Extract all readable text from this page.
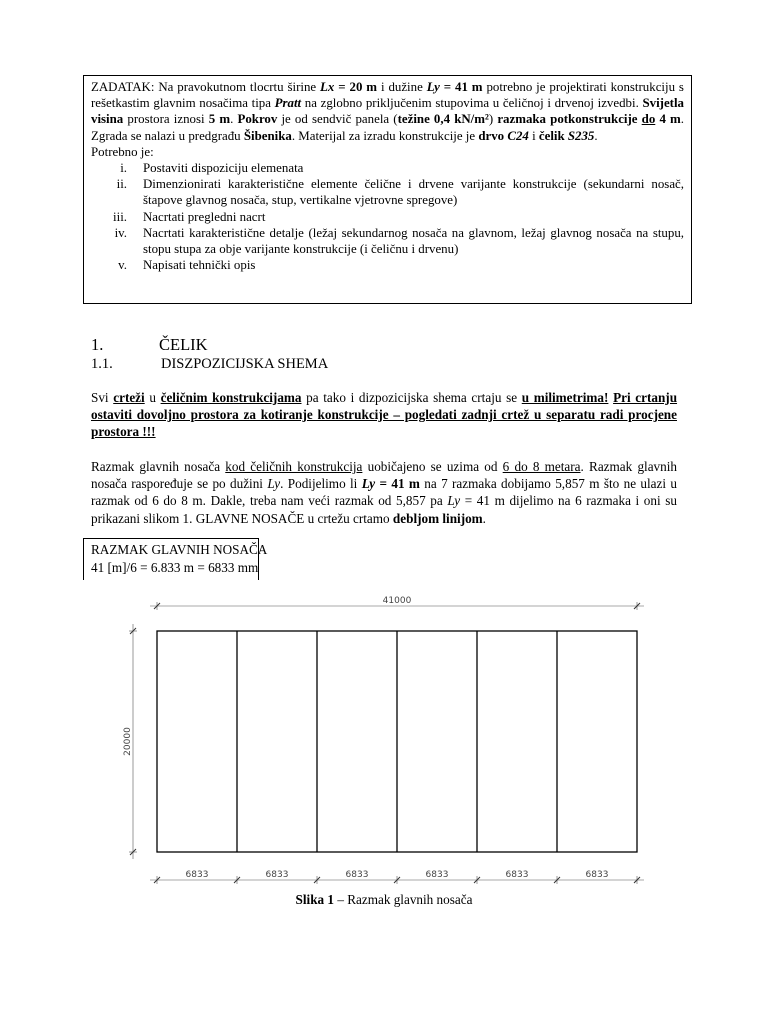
ZADATAK: Na pravokutnom tlocrtu širine Lx = 20 m i dužine Ly = 41 m potrebno je projektirati konstrukciju s rešetkastim glavnim nosačima tipa Pratt na zglobno priključenim stupovima u čeličnoj i drvenoj izvedbi. Svijetla visina prostora iznosi 5 m. Pokrov je od sendvič panela (težine 0,4 kN/m²) razmaka potkonstrukcije do 4 m. Zgrada se nalazi u predgrađu Šibenika. Materijal za izradu konstrukcije je drvo C24 i čelik S235.

Potrebno je:

i.	Postaviti dispoziciju elemenata
ii.	Dimenzionirati karakteristične elemente čelične i drvene varijante konstrukcije (sekundarni nosač, štapove glavnog nosača, stup, vertikalne vjetrovne spregove)
iii.	Nacrtati pregledni nacrt
iv.	Nacrtati karakteristične detalje (ležaj sekundarnog nosača na glavnom, ležaj glavnog nosača na stupu, stopu stupa za obje varijante konstrukcije (i čeličnu i drvenu)
v.	Napisati tehnički opis
1.	ČELIK
1.1.	DISZPOZICIJSKA SHEMA

Svi crteži u čeličnim konstrukcijama pa tako i dizpozicijska shema crtaju se u milimetrima! Pri crtanju ostaviti dovoljno prostora za kotiranje konstrukcije – pogledati zadnji crtež u separatu radi procjene prostora !!!

Razmak glavnih nosača kod čeličnih konstrukcija uobičajeno se uzima od 6 do 8 metara. Razmak glavnih nosača raspoređuje se po dužini Ly. Podijelimo li Ly = 41 m na 7 razmaka dobijamo 5,857 m što ne ulazi u razmak od 6 do 8 m. Dakle, treba nam veći razmak od 5,857 pa Ly = 41 m dijelimo na 6 razmaka i oni su prikazani slikom 1. GLAVNE NOSAČE u crtežu crtamo debljom linijom.

RAZMAK GLAVNIH NOSAČA
41 [m]/6 = 6.833 m = 6833 mm
41000
20000
6833	6833	6833	6833	6833	6833
Slika 1 – Razmak glavnih nosača
